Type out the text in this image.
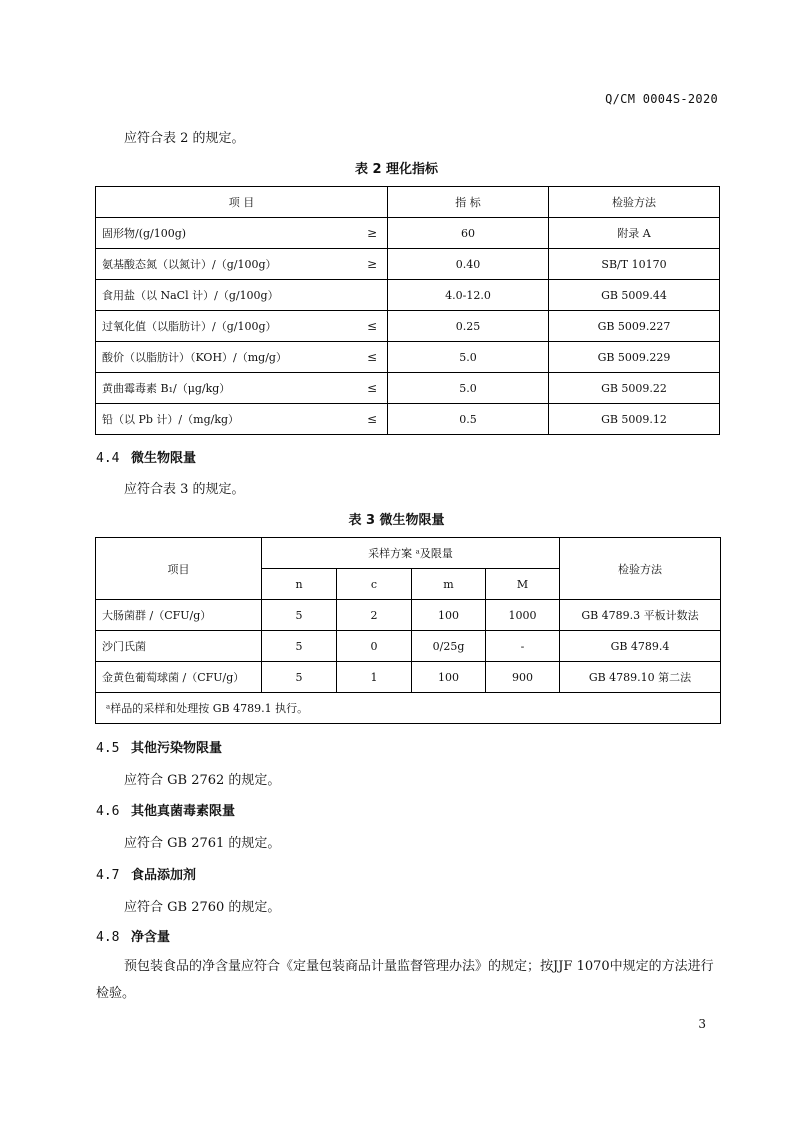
Q/CM 0004S-2020
应符合表 2 的规定。
表 2 理化指标
项 目	指 标	检验方法
固形物/(g/100g) ≥	60	附录 A
氨基酸态氮（以氮计）/（g/100g） ≥	0.40	SB/T 10170
食用盐（以 NaCl 计）/（g/100g）	4.0-12.0	GB 5009.44
过氧化值（以脂肪计）/（g/100g） ≤	0.25	GB 5009.227
酸价（以脂肪计）（KOH）/（mg/g） ≤	5.0	GB 5009.229
黄曲霉毒素 B₁/（μg/kg） ≤	5.0	GB 5009.22
铅（以 Pb 计）/（mg/kg） ≤	0.5	GB 5009.12
4.4 微生物限量
应符合表 3 的规定。
表 3 微生物限量
项目	采样方案 ᵃ及限量				检验方法
	n	c	m	M	
大肠菌群 /（CFU/g）	5	2	100	1000	GB 4789.3 平板计数法
沙门氏菌	5	0	0/25g	-	GB 4789.4
金黄色葡萄球菌 /（CFU/g）	5	1	100	900	GB 4789.10 第二法
ᵃ样品的采样和处理按 GB 4789.1 执行。					
4.5 其他污染物限量
应符合 GB 2762 的规定。
4.6 其他真菌毒素限量
应符合 GB 2761 的规定。
4.7 食品添加剂
应符合 GB 2760 的规定。
4.8 净含量
预包装食品的净含量应符合《定量包装商品计量监督管理办法》的规定；按JJF 1070中规定的方法进行检验。
3
